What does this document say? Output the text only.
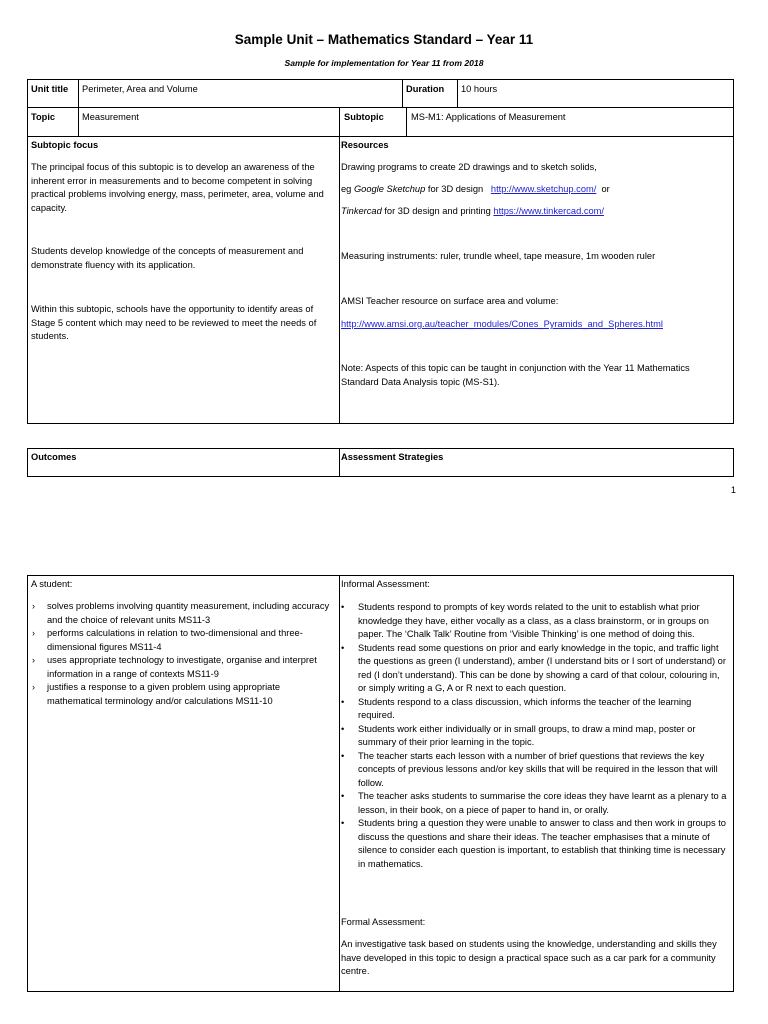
Sample Unit – Mathematics Standard – Year 11
Sample for implementation for Year 11 from 2018
Unit title Perimeter, Area and Volume	Duration 10 hours
Topic	Measurement	Subtopic	MS-M1: Applications of Measurement
Subtopic focus

The principal focus of this subtopic is to develop an awareness of the inherent error in measurements and to become competent in solving practical problems involving energy, mass, perimeter, area, volume and capacity.

Students develop knowledge of the concepts of measurement and demonstrate fluency with its application.

Within this subtopic, schools have the opportunity to identify areas of Stage 5 content which may need to be reviewed to meet the needs of students.

Resources
Drawing programs to create 2D drawings and to sketch solids,
eg Google Sketchup for 3D design http://www.sketchup.com/ or
Tinkercad for 3D design and printing https://www.tinkercad.com/
Measuring instruments: ruler, trundle wheel, tape measure, 1m wooden ruler
AMSI Teacher resource on surface area and volume:
http://www.amsi.org.au/teacher_modules/Cones_Pyramids_and_Spheres.html

Note: Aspects of this topic can be taught in conjunction with the Year 11 Mathematics Standard Data Analysis topic (MS-S1).

Outcomes	Assessment Strategies
1
A student:
› solves problems involving quantity measurement, including accuracy and the choice of relevant units MS11-3
› performs calculations in relation to two-dimensional and three-dimensional figures MS11-4
› uses appropriate technology to investigate, organise and interpret information in a range of contexts MS11-9
› justifies a response to a given problem using appropriate mathematical terminology and/or calculations MS11-10
Informal Assessment:
• Students respond to prompts of key words related to the unit to establish what prior knowledge they have, either vocally as a class, as a class brainstorm, or in groups on paper. The ‘Chalk Talk’ Routine from ‘Visible Thinking’ is one method of doing this.
• Students read some questions on prior and early knowledge in the topic, and traffic light the questions as green (I understand), amber (I understand bits or I sort of understand) or red (I don’t understand). This can be done by showing a card of that colour, colouring in, or simply writing a G, A or R next to each question.
• Students respond to a class discussion, which informs the teacher of the learning required.
• Students work either individually or in small groups, to draw a mind map, poster or summary of their prior learning in the topic.
• The teacher starts each lesson with a number of brief questions that reviews the key concepts of previous lessons and/or key skills that will be required in the lesson that will follow.
• The teacher asks students to summarise the core ideas they have learnt as a plenary to a lesson, in their book, on a piece of paper to hand in, or orally.
• Students bring a question they were unable to answer to class and then work in groups to discuss the questions and share their ideas. The teacher emphasises that a minute of silence to consider each question is important, to establish that thinking time is necessary in mathematics.
Formal Assessment:

An investigative task based on students using the knowledge, understanding and skills they have developed in this topic to design a practical space such as a car park for a community centre.
